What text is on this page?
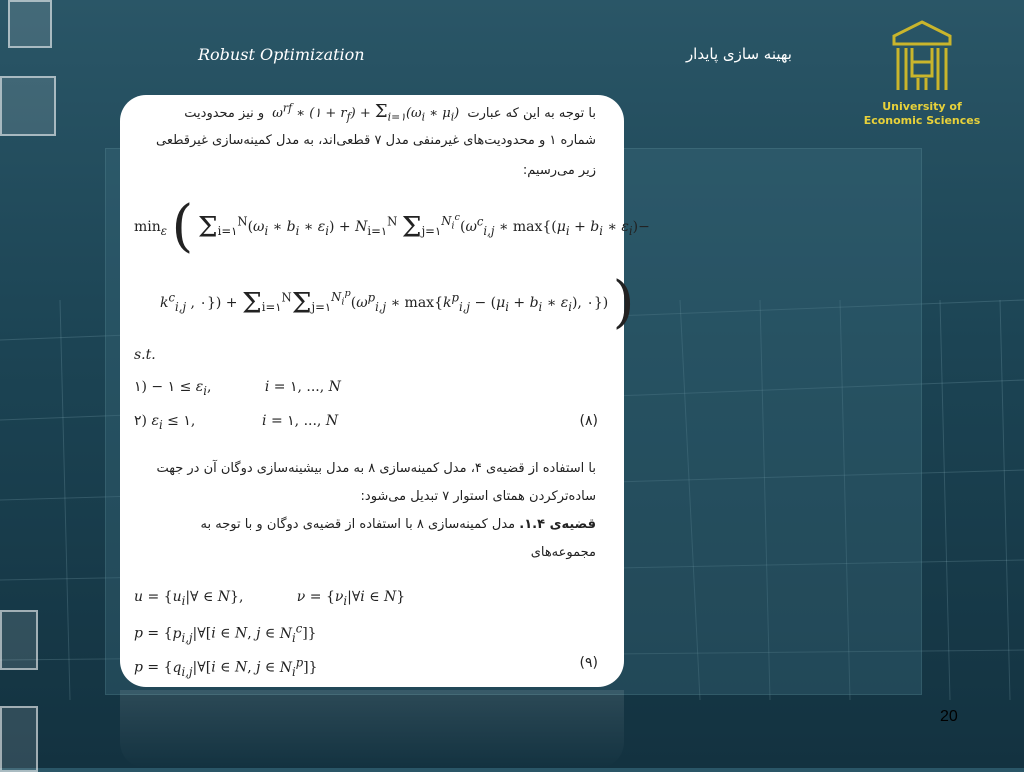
Robust Optimization	بهینه سازی پایدار
University of
Economic Sciences
با توجه به این که عبارت $\omega^{rf}$ ∗ (۱ + $r_f) + \Sigma_{i=۱}(\omega_i$ ∗ $\mu_i$) و نیز محدودیت
شماره ۱ و محدودیت‌های غیرمنفی مدل ۷ قطعی‌اند، به مدل کمینه‌سازی غیرقطعی
زیر می‌رسیم:
$\min_\varepsilon$ ( $\Sigma_{i=۱}^N(\omega_i$ ∗ $b_i$ ∗ $\varepsilon_i) + N_{i=۱}^N$ $\Sigma_{j=۱}^{N_i^c}(\omega^c_{i,j}$ ∗ $\max\{(\mu_i + b_i$ ∗ $\varepsilon_i)-$
$k^c_{i,j}$ , ۰}) + $\Sigma_{i=۱}^N\Sigma_{j=۱}^{N_i^p}(\omega^p_{i,j}$ ∗ $\max\{k^p_{i,j} - (\mu_i + b_i$ ∗ $\varepsilon_i$), ۰}) )
s.t.
۱) − ۱ ≤ $\varepsilon_i$,            i = ۱, ..., N
۲) $\varepsilon_i$ ≤ ۱,               i = ۱, ..., N	(۸)
با استفاده از قضیه‌ی ۴، مدل کمینه‌سازی ۸ به مدل بیشینه‌سازی دوگان آن در جهت
ساده‌ترکردن همتای استوار ۷ تبدیل می‌شود:
قضیه‌ی ۱.۴. مدل کمینه‌سازی ۸ با استفاده از قضیه‌ی دوگان و با توجه به
مجموعه‌های
$u = \{u_i|\forall$ ∈ N},            $\nu = \{\nu_i|\forall i$ ∈ N}
$p = \{p_{i,j}|\forall[i$ ∈ N, j ∈ $N_i^c$]}
$p = \{q_{i,j}|\forall[i$ ∈ N, j ∈ $N_i^p$]}	(۹)
20
